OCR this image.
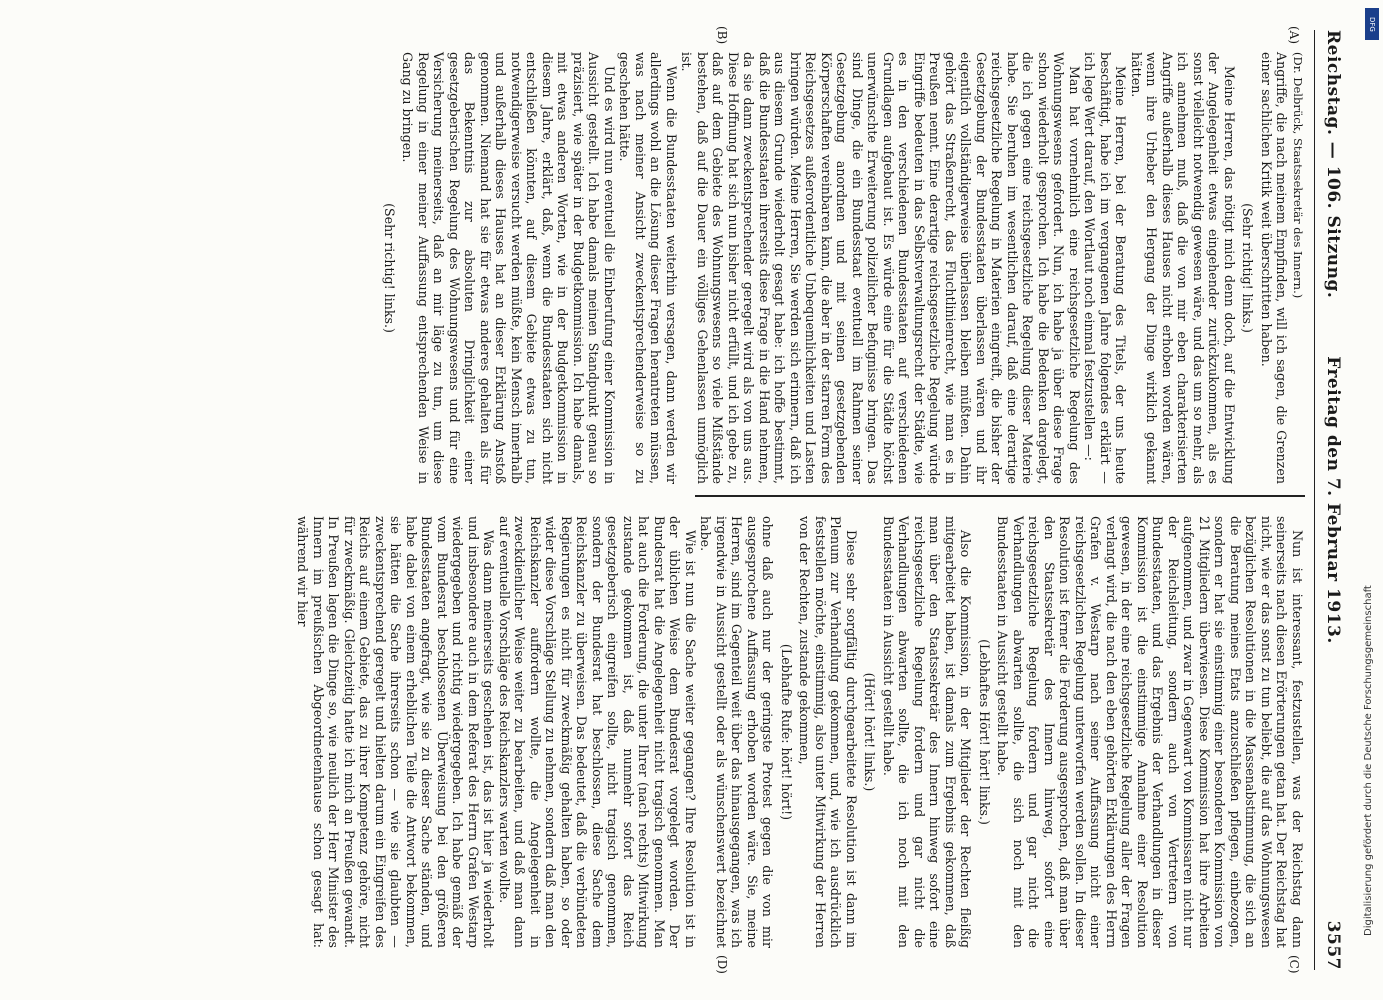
Reichstag. — 106. Sitzung.
Freitag den 7. Februar 1913.
3557
(A)
(B)
(C)
(D)

(Dr. Delbrück, Staatssekretär des Innern.)

Angriffe, die nach meinem Empfinden, will ich sagen, die Grenzen einer sachlichen Kritik weit überschritten haben.

(Sehr richtig! links.)

Meine Herren, das nötigt mich denn doch, auf die Entwicklung der Angelegenheit etwas eingehender zurückzukommen, als es sonst vielleicht notwendig gewesen wäre, und das um so mehr, als ich annehmen muß, daß die von mir eben charakterisierten Angriffe außerhalb dieses Hauses nicht erhoben worden wären, wenn ihre Urheber den Hergang der Dinge wirklich gekannt hätten.

Meine Herren, bei der Beratung des Titels, der uns heute beschäftigt, habe ich im vergangenen Jahre folgendes erklärt — ich lege Wert darauf, den Wortlaut noch einmal festzustellen —:

Man hat vornehmlich eine reichsgesetzliche Regelung des Wohnungswesens gefordert. Nun, ich habe ja über diese Frage schon wiederholt gesprochen. Ich habe die Bedenken dargelegt, die ich gegen eine reichsgesetzliche Regelung dieser Materie habe. Sie beruhen im wesentlichen darauf, daß eine derartige reichsgesetzliche Regelung in Materien eingreift, die bisher der Gesetzgebung der Bundesstaaten überlassen wären und ihr eigentlich vollständigerweise überlassen bleiben müßten. Dahin gehört das Straßenrecht, das Fluchtlinienrecht, wie man es in Preußen nennt. Eine derartige reichsgesetzliche Regelung würde Eingriffe bedeuten in das Selbstverwaltungsrecht der Städte, wie es in den verschiedenen Bundesstaaten auf verschiedenen Grundlagen aufgebaut ist. Es würde eine für die Städte höchst unerwünschte Erweiterung polizeilicher Befugnisse bringen. Das sind Dinge, die ein Bundesstaat eventuell im Rahmen seiner Gesetzgebung anordnen und mit seinen gesetzgebenden Körperschaften vereinbaren kann, die aber in der starren Form des Reichsgesetzes außerordentliche Unbequemlichkeiten und Lasten bringen würden. Meine Herren, Sie werden sich erinnern, daß ich aus diesem Grunde wiederholt gesagt habe: ich hoffe bestimmt, daß die Bundesstaaten ihrerseits diese Frage in die Hand nehmen, da sie dann zweckentsprechender geregelt wird als von uns aus. Diese Hoffnung hat sich nun bisher nicht erfüllt, und ich gebe zu, daß auf dem Gebiete des Wohnungswesens so viele Mißstände bestehen, daß auf die Dauer ein völliges Gehenlassen unmöglich ist.

Wenn die Bundesstaaten weiterhin versagen, dann werden wir allerdings wohl an die Lösung dieser Fragen herantreten müssen, was nach meiner Ansicht zweckentsprechenderweise so zu geschehen hätte.

Und es wird nun eventuell die Einberufung einer Kommission in Aussicht gestellt. Ich habe damals meinen Standpunkt genau so präzisiert, wie später in der Budgetkommission. Ich habe damals, mit etwas anderen Worten, wie in der Budgetkommission in diesem Jahre, erklärt, daß, wenn die Bundesstaaten sich nicht entschließen könnten, auf diesem Gebiete etwas zu tun, notwendigerweise versucht werden müßte, kein Mensch innerhalb und außerhalb dieses Hauses hat an dieser Erklärung Anstoß genommen. Niemand hat sie für etwas anderes gehalten als für das Bekenntnis zur absoluten Dringlichkeit einer gesetzgeberischen Regelung des Wohnungswesens und für eine Versicherung meinerseits, daß an mir läge zu tun, um diese Regelung in einer meiner Auffassung entsprechenden Weise in Gang zu bringen.

(Sehr richtig! links.)

Nun ist interessant, festzustellen, was der Reichstag dann seinerseits nach diesen Erörterungen getan hat. Der Reichstag hat nicht, wie er das sonst zu tun beliebt, die auf das Wohnungswesen bezüglichen Resolutionen in die Massenabstimmung, die sich an die Beratung meines Etats anzuschließen pflegen, einbezogen, sondern er hat sie einstimmig einer besonderen Kommission von 21 Mitgliedern überwiesen. Diese Kommission hat ihre Arbeiten aufgenommen, und zwar in Gegenwart von Kommissaren nicht nur der Reichsleitung, sondern auch von Vertretern von Bundesstaaten, und das Ergebnis der Verhandlungen in dieser Kommission ist die einstimmige Annahme einer Resolution gewesen, in der eine reichsgesetzliche Regelung aller der Fragen verlangt wird, die nach den eben gehörten Erklärungen des Herrn Grafen v. Westarp nach seiner Auffassung nicht einer reichsgesetzlichen Regelung unterworfen werden sollen. In dieser Resolution ist ferner die Forderung ausgesprochen, daß man über den Staatssekretär des Innern hinweg, sofort eine reichsgesetzliche Regelung fordern und gar nicht die Verhandlungen abwarten sollte, die sich noch mit den Bundesstaaten in Aussicht gestellt habe.

(Lebhaftes Hört! hört! links.)

Also die Kommission, in der Mitglieder der Rechten fleißig mitgearbeitet haben, ist damals zum Ergebnis gekommen, daß man über den Staatssekretär des Innern hinweg sofort eine reichsgesetzliche Regelung fordern und gar nicht die Verhandlungen abwarten sollte, die ich noch mit den Bundesstaaten in Aussicht gestellt habe.

(Hört! hört! links.)

Diese sehr sorgfältig durchgearbeitete Resolution ist dann im Plenum zur Verhandlung gekommen, und, wie ich ausdrücklich feststellen möchte, einstimmig, also unter Mitwirkung der Herren von der Rechten, zustande gekommen,

(Lebhafte Rufe: hört! hört!)

ohne daß auch nur der geringste Protest gegen die von mir ausgesprochene Auffassung erhoben worden wäre. Sie, meine Herren, sind im Gegenteil weit über das hinausgegangen, was ich irgendwie in Aussicht gestellt oder als wünschenswert bezeichnet habe.

Wie ist nun die Sache weiter gegangen? Ihre Resolution ist in der üblichen Weise dem Bundesrat vorgelegt worden. Der Bundesrat hat die Angelegenheit nicht tragisch genommen. Man hat auch die Forderung, die unter Ihrer (nach rechts) Mitwirkung zustande gekommen ist, daß nunmehr sofort das Reich gesetzgeberisch eingreifen sollte, nicht tragisch genommen, sondern der Bundesrat hat beschlossen, diese Sache dem Reichskanzler zu überweisen. Das bedeutet, daß die verbündeten Regierungen es nicht für zweckmäßig gehalten haben, so oder wider diese Vorschläge Stellung zu nehmen, sondern daß man den Reichskanzler auffordern wollte, die Angelegenheit in zweckdienlicher Weise weiter zu bearbeiten, und daß man dann auf eventuelle Vorschläge des Reichskanzlers warten wollte.

Was dann meinerseits geschehen ist, das ist hier ja wiederholt und insbesondere auch in dem Referat des Herrn Grafen Westarp wiedergegeben und richtig wiedergegeben. Ich habe gemäß der vom Bundesrat beschlossenen Überweisung bei den größeren Bundesstaaten angefragt, wie sie zu dieser Sache ständen, und habe dabei von einem erheblichen Teile die Antwort bekommen, sie hätten die Sache ihrerseits schon — wie sie glaubten — zweckentsprechend geregelt und hielten darum ein Eingreifen des Reichs auf einem Gebiete, das zu ihrer Kompetenz gehöre, nicht für zweckmäßig. Gleichzeitig hatte ich mich an Preußen gewandt. In Preußen lagen die Dinge so, wie neulich der Herr Minister des Innern im preußischen Abgeordnetenhause schon gesagt hat: während wir hier

DFG
Digitalisierung gefördert durch die Deutsche Forschungsgemeinschaft
